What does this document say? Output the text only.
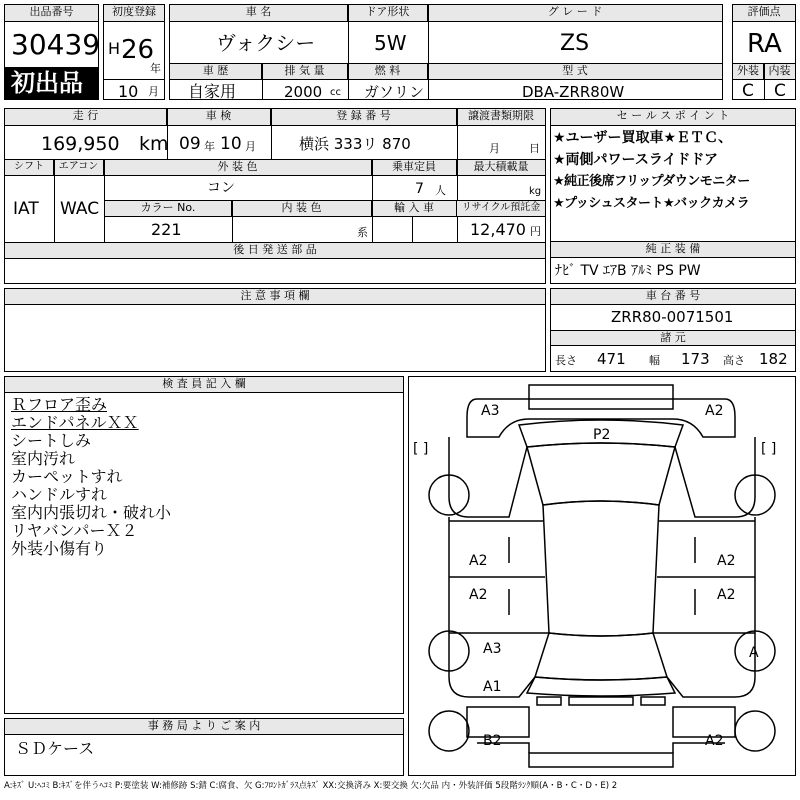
出品番号
30439
初出品
初度登録
H 26
年
10 月
車 名	ドア形状	グ レ ー ド
ヴォクシー	5W	ZS
車 歴	排 気 量	燃 料	型 式
自家用	2000 cc ガソリン	DBA-ZRR80W
評価点
RA
外装 内装
C C
走 行	車 検	登 録 番 号	譲渡書類期限
169,950 km 09 年 10 月	横浜 333リ 870	月	日
シフト	エアコン	外 装 色	乗車定員	最大積載量
IAT WAC
コン	7 人	kg
カラー No.	内 装 色	輸 入 車	リサイクル預託金
221	系	12,470 円
後 日 発 送 部 品
セ ー ル ス ポ イ ン ト
★ユーザー買取車★ＥＴＣ、
★両側パワースライドドア
★純正後席フリップダウンモニター
★プッシュスタート★バックカメラ
純 正 装 備
ﾅﾋﾞ TV ｴｱB ｱﾙﾐ PS PW
注 意 事 項 欄	車 台 番 号
ZRR80-0071501
諸 元
長さ 471 幅 173 高さ 182
検 査 員 記 入 欄
Ｒフロア歪み
エンドパネルＸＸ
シートしみ
室内汚れ
カーペットすれ
ハンドルすれ
室内内張切れ・破れ小
リヤバンパーＸ２
外装小傷有り
事 務 局 よ り ご 案 内
ＳＤケース
A3	A2
P2
A2	A2
A2	A2
A3
A1
A
B2	A2
[ ]	[ ]
A:ｷｽﾞ U:ﾍｺﾐ B:ｷｽﾞを伴うﾍｺﾐ P:要塗装 W:補修跡 S:錆 C:腐食、欠 G:ﾌﾛﾝﾄｶﾞﾗｽ点ｷｽﾞ XX:交換済み X:要交換 欠:欠品 内・外装評価 5段階ﾗﾝｸ順(A・B・C・D・E) 2
